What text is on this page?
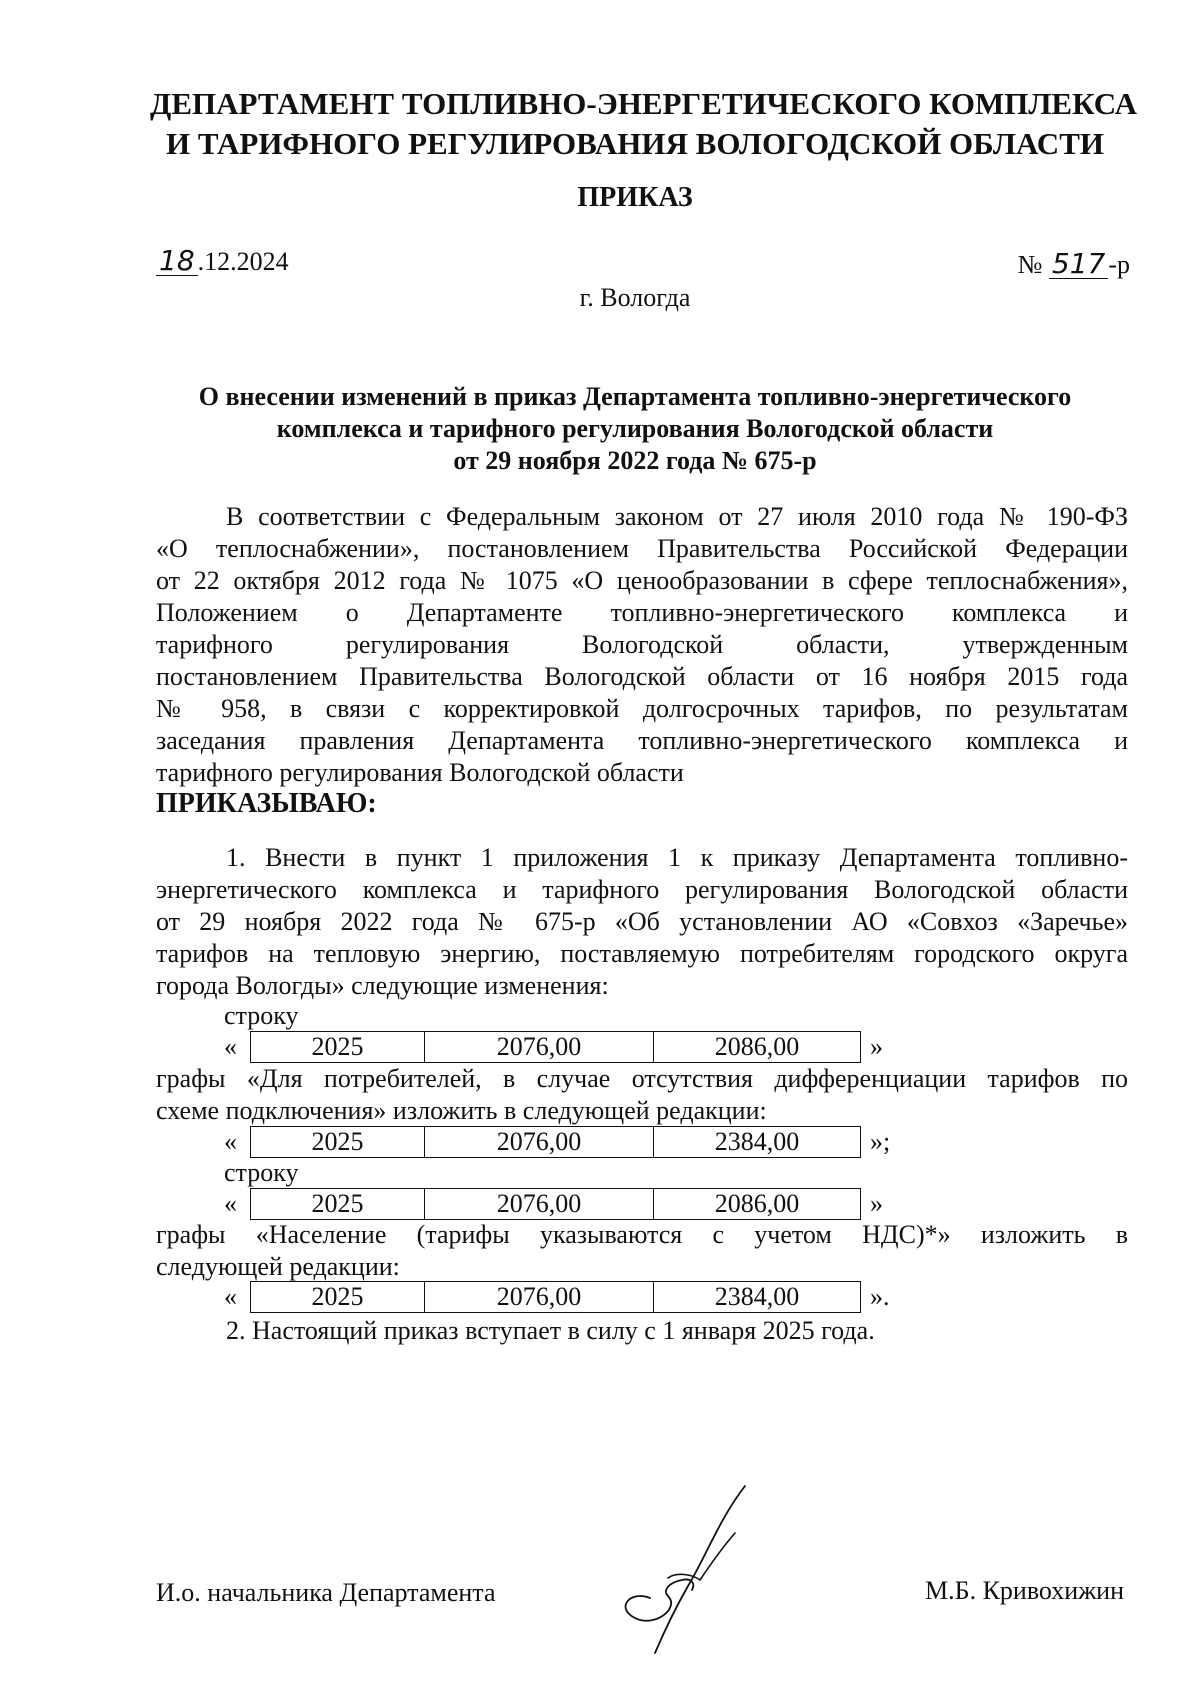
ДЕПАРТАМЕНТ ТОПЛИВНО-ЭНЕРГЕТИЧЕСКОГО КОМПЛЕКСА
И ТАРИФНОГО РЕГУЛИРОВАНИЯ ВОЛОГОДСКОЙ ОБЛАСТИ
ПРИКАЗ
18 .12.2024	№ 517 -р
г. Вологда
О внесении изменений в приказ Департамента топливно-энергетического
комплекса и тарифного регулирования Вологодской области
от 29 ноября 2022 года № 675-р
В соответствии с Федеральным законом от 27 июля 2010 года № 190-ФЗ
«О теплоснабжении», постановлением Правительства Российской Федерации
от 22 октября 2012 года № 1075 «О ценообразовании в сфере теплоснабжения»,
Положением о Департаменте топливно-энергетического комплекса и
тарифного регулирования Вологодской области, утвержденным
постановлением Правительства Вологодской области от 16 ноября 2015 года
№ 958, в связи с корректировкой долгосрочных тарифов, по результатам
заседания правления Департамента топливно-энергетического комплекса и
тарифного регулирования Вологодской области
ПРИКАЗЫВАЮ:
1. Внести в пункт 1 приложения 1 к приказу Департамента топливно-
энергетического комплекса и тарифного регулирования Вологодской области
от 29 ноября 2022 года № 675-р «Об установлении АО «Совхоз «Заречье»
тарифов на тепловую энергию, поставляемую потребителям городского округа
города Вологды» следующие изменения:
строку
«	2025	2076,00	2086,00	»
графы «Для потребителей, в случае отсутствия дифференциации тарифов по
схеме подключения» изложить в следующей редакции:
«	2025	2076,00	2384,00	»;
строку
«	2025	2076,00	2086,00	»
графы «Население (тарифы указываются с учетом НДС)*» изложить в
следующей редакции:
«	2025	2076,00	2384,00	».
2. Настоящий приказ вступает в силу с 1 января 2025 года.
И.о. начальника Департамента	М.Б. Кривохижин
